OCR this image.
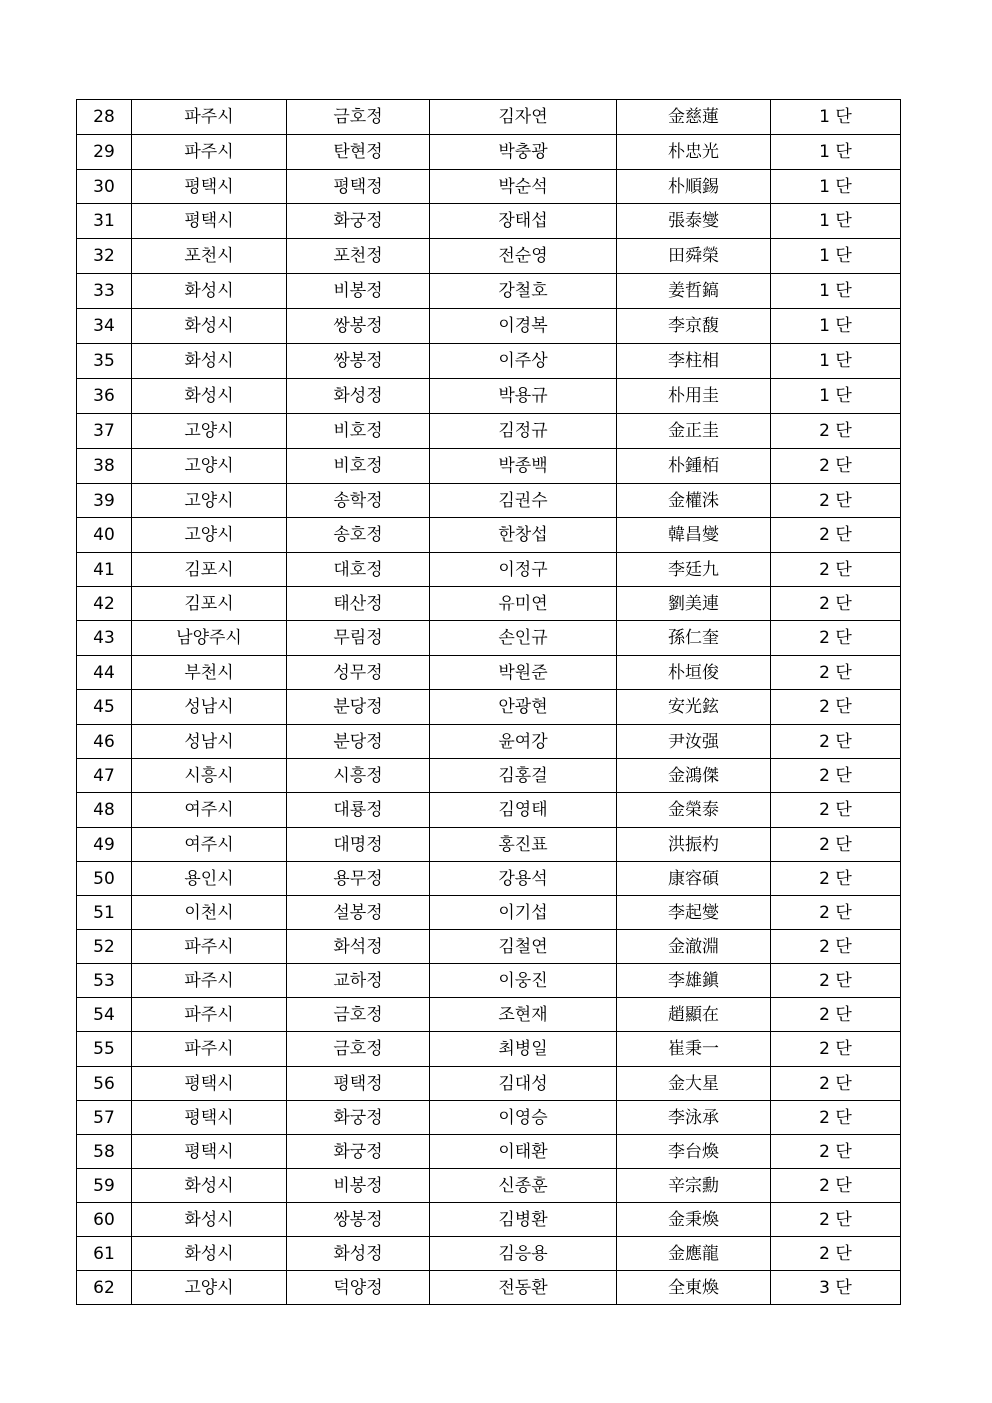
28	파주시	금호정	김자연	金慈蓮	1 단
29	파주시	탄현정	박충광	朴忠光	1 단
30	평택시	평택정	박순석	朴順錫	1 단
31	평택시	화궁정	장태섭	張泰燮	1 단
32	포천시	포천정	전순영	田舜榮	1 단
33	화성시	비봉정	강철호	姜哲鎬	1 단
34	화성시	쌍봉정	이경복	李京馥	1 단
35	화성시	쌍봉정	이주상	李柱相	1 단
36	화성시	화성정	박용규	朴用圭	1 단
37	고양시	비호정	김정규	金正圭	2 단
38	고양시	비호정	박종백	朴鍾栢	2 단
39	고양시	송학정	김권수	金權洙	2 단
40	고양시	송호정	한창섭	韓昌燮	2 단
41	김포시	대호정	이정구	李廷九	2 단
42	김포시	태산정	유미연	劉美連	2 단
43	남양주시	무림정	손인규	孫仁奎	2 단
44	부천시	성무정	박원준	朴垣俊	2 단
45	성남시	분당정	안광현	安光鉉	2 단
46	성남시	분당정	윤여강	尹汝强	2 단
47	시흥시	시흥정	김홍걸	金鴻傑	2 단
48	여주시	대룡정	김영태	金榮泰	2 단
49	여주시	대명정	홍진표	洪振杓	2 단
50	용인시	용무정	강용석	康容碩	2 단
51	이천시	설봉정	이기섭	李起燮	2 단
52	파주시	화석정	김철연	金澈淵	2 단
53	파주시	교하정	이웅진	李雄鎭	2 단
54	파주시	금호정	조현재	趙顯在	2 단
55	파주시	금호정	최병일	崔秉一	2 단
56	평택시	평택정	김대성	金大星	2 단
57	평택시	화궁정	이영승	李泳承	2 단
58	평택시	화궁정	이태환	李台煥	2 단
59	화성시	비봉정	신종훈	辛宗勳	2 단
60	화성시	쌍봉정	김병환	金秉煥	2 단
61	화성시	화성정	김응용	金應龍	2 단
62	고양시	덕양정	전동환	全東煥	3 단
